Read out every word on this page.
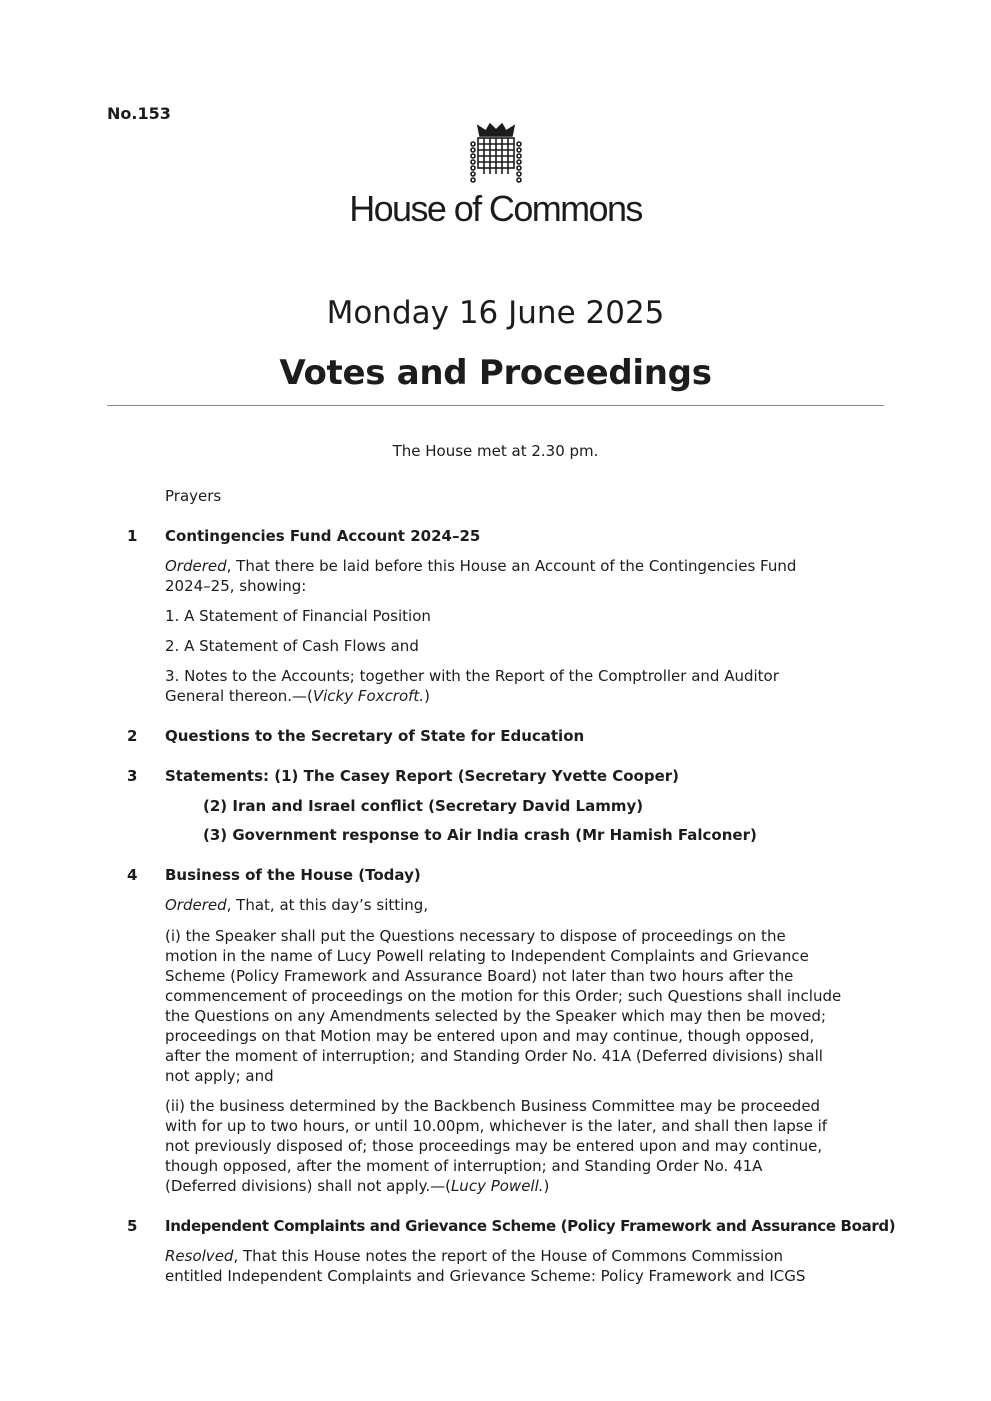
No.153
House of Commons
Monday 16 June 2025
Votes and Proceedings
The House met at 2.30 pm.
Prayers
1 Contingencies Fund Account 2024–25
Ordered, That there be laid before this House an Account of the Contingencies Fund
2024–25, showing:
1. A Statement of Financial Position
2. A Statement of Cash Flows and
3. Notes to the Accounts; together with the Report of the Comptroller and Auditor
General thereon.—(Vicky Foxcroft.)
2 Questions to the Secretary of State for Education
3 Statements: (1) The Casey Report (Secretary Yvette Cooper)
(2) Iran and Israel conflict (Secretary David Lammy)
(3) Government response to Air India crash (Mr Hamish Falconer)
4 Business of the House (Today)
Ordered, That, at this day’s sitting,
(i) the Speaker shall put the Questions necessary to dispose of proceedings on the
motion in the name of Lucy Powell relating to Independent Complaints and Grievance
Scheme (Policy Framework and Assurance Board) not later than two hours after the
commencement of proceedings on the motion for this Order; such Questions shall include
the Questions on any Amendments selected by the Speaker which may then be moved;
proceedings on that Motion may be entered upon and may continue, though opposed,
after the moment of interruption; and Standing Order No. 41A (Deferred divisions) shall
not apply; and
(ii) the business determined by the Backbench Business Committee may be proceeded
with for up to two hours, or until 10.00pm, whichever is the later, and shall then lapse if
not previously disposed of; those proceedings may be entered upon and may continue,
though opposed, after the moment of interruption; and Standing Order No. 41A
(Deferred divisions) shall not apply.—(Lucy Powell.)
5 Independent Complaints and Grievance Scheme (Policy Framework and Assurance Board)
Resolved, That this House notes the report of the House of Commons Commission
entitled Independent Complaints and Grievance Scheme: Policy Framework and ICGS
